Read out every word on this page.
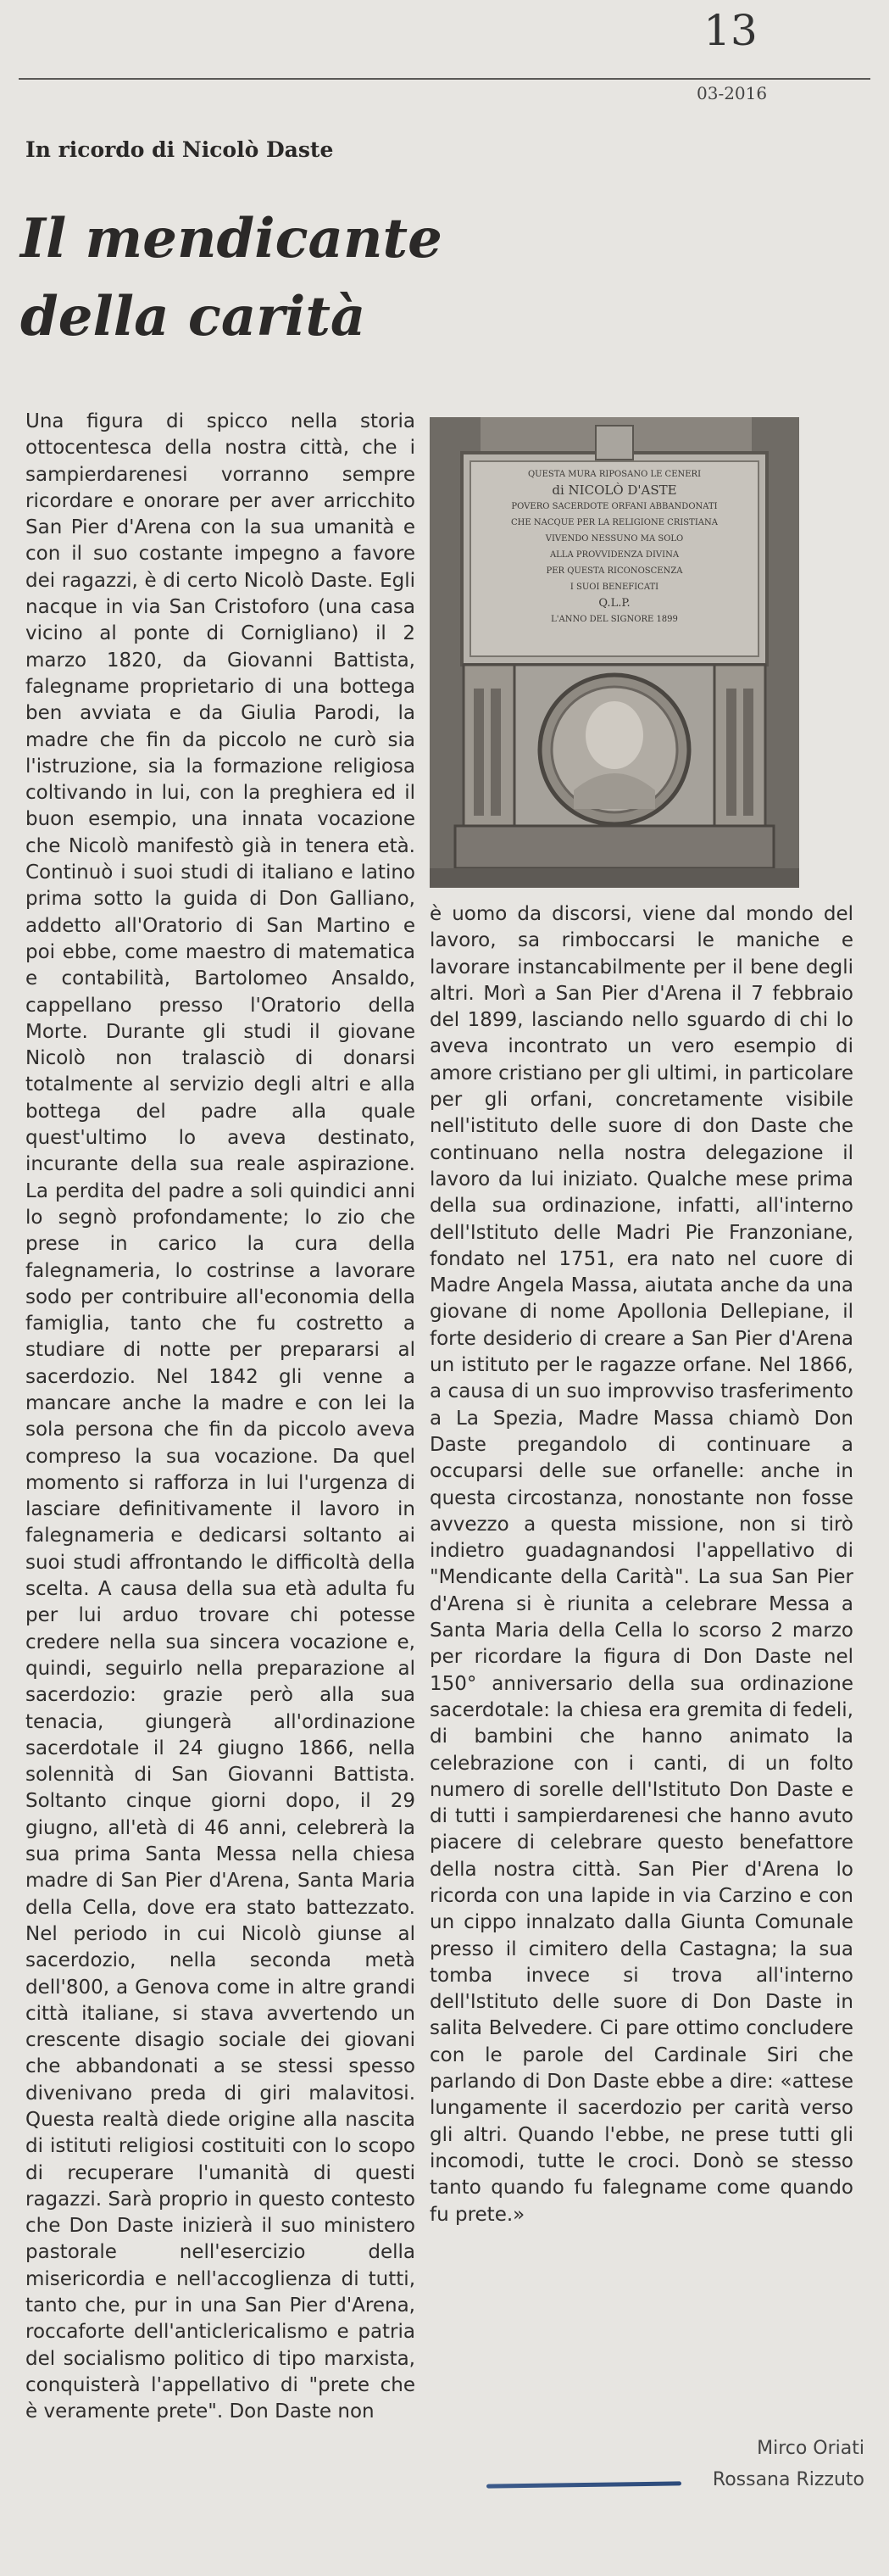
13
03-2016
In ricordo di Nicolò Daste
Il mendicante
della carità
QUESTA MURA RIPOSANO LE CENERI
di NICOLÒ D'ASTE
POVERO SACERDOTE ORFANI ABBANDONATI
CHE NACQUE PER LA RELIGIONE CRISTIANA
VIVENDO NESSUNO MA SOLO
ALLA PROVVIDENZA DIVINA
PER QUESTA RICONOSCENZA
I SUOI BENEFICATI
Q.L.P.
L'ANNO DEL SIGNORE 1899

Una figura di spicco nella storia ottocentesca della nostra città, che i sampierdarenesi vorranno sempre ricordare e onorare per aver arricchito San Pier d'Arena con la sua umanità e con il suo costante impegno a favore dei ragazzi, è di certo Nicolò Daste. Egli nacque in via San Cristoforo (una casa vicino al ponte di Cornigliano) il 2 marzo 1820, da Giovanni Battista, falegname proprietario di una bottega ben avviata e da Giulia Parodi, la madre che fin da piccolo ne curò sia l'istruzione, sia la formazione religiosa coltivando in lui, con la preghiera ed il buon esempio, una innata vocazione che Nicolò manifestò già in tenera età. Continuò i suoi studi di italiano e latino prima sotto la guida di Don Galliano, addetto all'Oratorio di San Martino e poi ebbe, come maestro di matematica e contabilità, Bartolomeo Ansaldo, cappellano presso l'Oratorio della Morte. Durante gli studi il giovane Nicolò non tralasciò di donarsi totalmente al servizio degli altri e alla bottega del padre alla quale quest'ultimo lo aveva destinato, incurante della sua reale aspirazione. La perdita del padre a soli quindici anni lo segnò profondamente; lo zio che prese in carico la cura della falegnameria, lo costrinse a lavorare sodo per contribuire all'economia della famiglia, tanto che fu costretto a studiare di notte per prepararsi al sacerdozio. Nel 1842 gli venne a mancare anche la madre e con lei la sola persona che fin da piccolo aveva compreso la sua vocazione. Da quel momento si rafforza in lui l'urgenza di lasciare definitivamente il lavoro in falegnameria e dedicarsi soltanto ai suoi studi affrontando le difficoltà della scelta. A causa della sua età adulta fu per lui arduo trovare chi potesse credere nella sua sincera vocazione e, quindi, seguirlo nella preparazione al sacerdozio: grazie però alla sua tenacia, giungerà all'ordinazione sacerdotale il 24 giugno 1866, nella solennità di San Giovanni Battista. Soltanto cinque giorni dopo, il 29 giugno, all'età di 46 anni, celebrerà la sua prima Santa Messa nella chiesa madre di San Pier d'Arena, Santa Maria della Cella, dove era stato battezzato. Nel periodo in cui Nicolò giunse al sacerdozio, nella seconda metà dell'800, a Genova come in altre grandi città italiane, si stava avvertendo un crescente disagio sociale dei giovani che abbandonati a se stessi spesso divenivano preda di giri malavitosi. Questa realtà diede origine alla nascita di istituti religiosi costituiti con lo scopo di recuperare l'umanità di questi ragazzi. Sarà proprio in questo contesto che Don Daste inizierà il suo ministero pastorale nell'esercizio della misericordia e nell'accoglienza di tutti, tanto che, pur in una San Pier d'Arena, roccaforte dell'anticlericalismo e patria del socialismo politico di tipo marxista, conquisterà l'appellativo di "prete che è veramente prete". Don Daste non

è uomo da discorsi, viene dal mondo del lavoro, sa rimboccarsi le maniche e lavorare instancabilmente per il bene degli altri. Morì a San Pier d'Arena il 7 febbraio del 1899, lasciando nello sguardo di chi lo aveva incontrato un vero esempio di amore cristiano per gli ultimi, in particolare per gli orfani, concretamente visibile nell'istituto delle suore di don Daste che continuano nella nostra delegazione il lavoro da lui iniziato. Qualche mese prima della sua ordinazione, infatti, all'interno dell'Istituto delle Madri Pie Franzoniane, fondato nel 1751, era nato nel cuore di Madre Angela Massa, aiutata anche da una giovane di nome Apollonia Dellepiane, il forte desiderio di creare a San Pier d'Arena un istituto per le ragazze orfane. Nel 1866, a causa di un suo improvviso trasferimento a La Spezia, Madre Massa chiamò Don Daste pregandolo di continuare a occuparsi delle sue orfanelle: anche in questa circostanza, nonostante non fosse avvezzo a questa missione, non si tirò indietro guadagnandosi l'appellativo di "Mendicante della Carità". La sua San Pier d'Arena si è riunita a celebrare Messa a Santa Maria della Cella lo scorso 2 marzo per ricordare la figura di Don Daste nel 150° anniversario della sua ordinazione sacerdotale: la chiesa era gremita di fedeli, di bambini che hanno animato la celebrazione con i canti, di un folto numero di sorelle dell'Istituto Don Daste e di tutti i sampierdarenesi che hanno avuto piacere di celebrare questo benefattore della nostra città. San Pier d'Arena lo ricorda con una lapide in via Carzino e con un cippo innalzato dalla Giunta Comunale presso il cimitero della Castagna; la sua tomba invece si trova all'interno dell'Istituto delle suore di Don Daste in salita Belvedere. Ci pare ottimo concludere con le parole del Cardinale Siri che parlando di Don Daste ebbe a dire: «attese lungamente il sacerdozio per carità verso gli altri. Quando l'ebbe, ne prese tutti gli incomodi, tutte le croci. Donò se stesso tanto quando fu falegname come quando fu prete.»

Mirco Oriati
Rossana Rizzuto
